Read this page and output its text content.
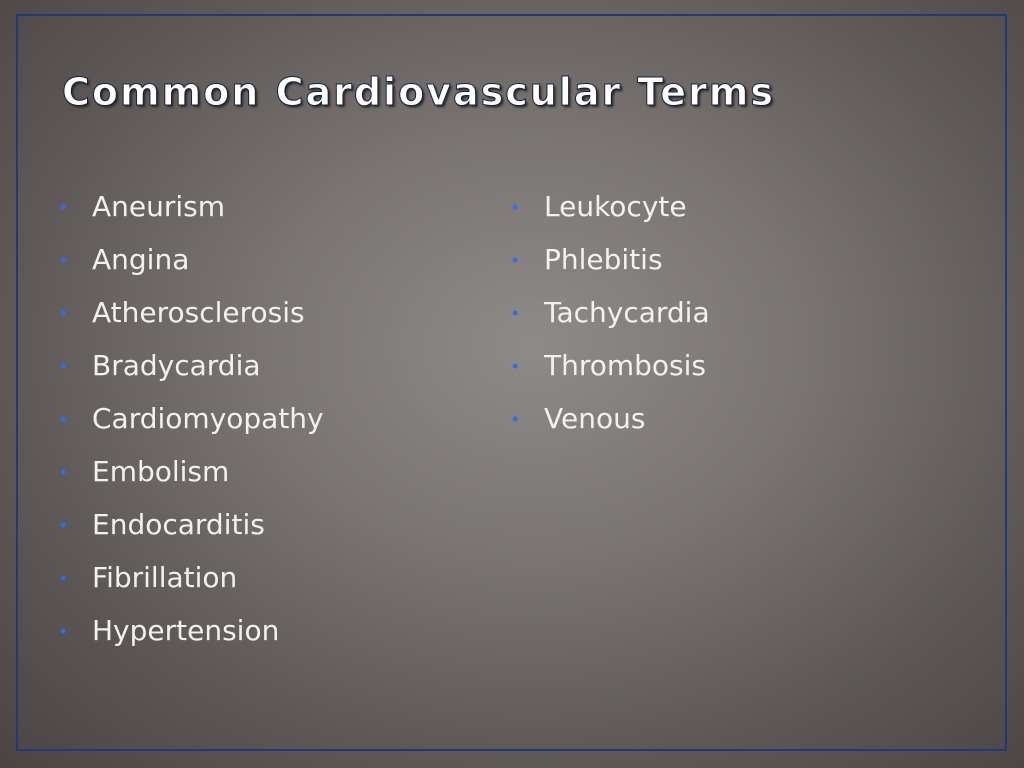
Common Cardiovascular Terms
• Aneurism
• Angina
• Atherosclerosis
• Bradycardia
• Cardiomyopathy
• Embolism
• Endocarditis
• Fibrillation
• Hypertension
• Leukocyte
• Phlebitis
• Tachycardia
• Thrombosis
• Venous
